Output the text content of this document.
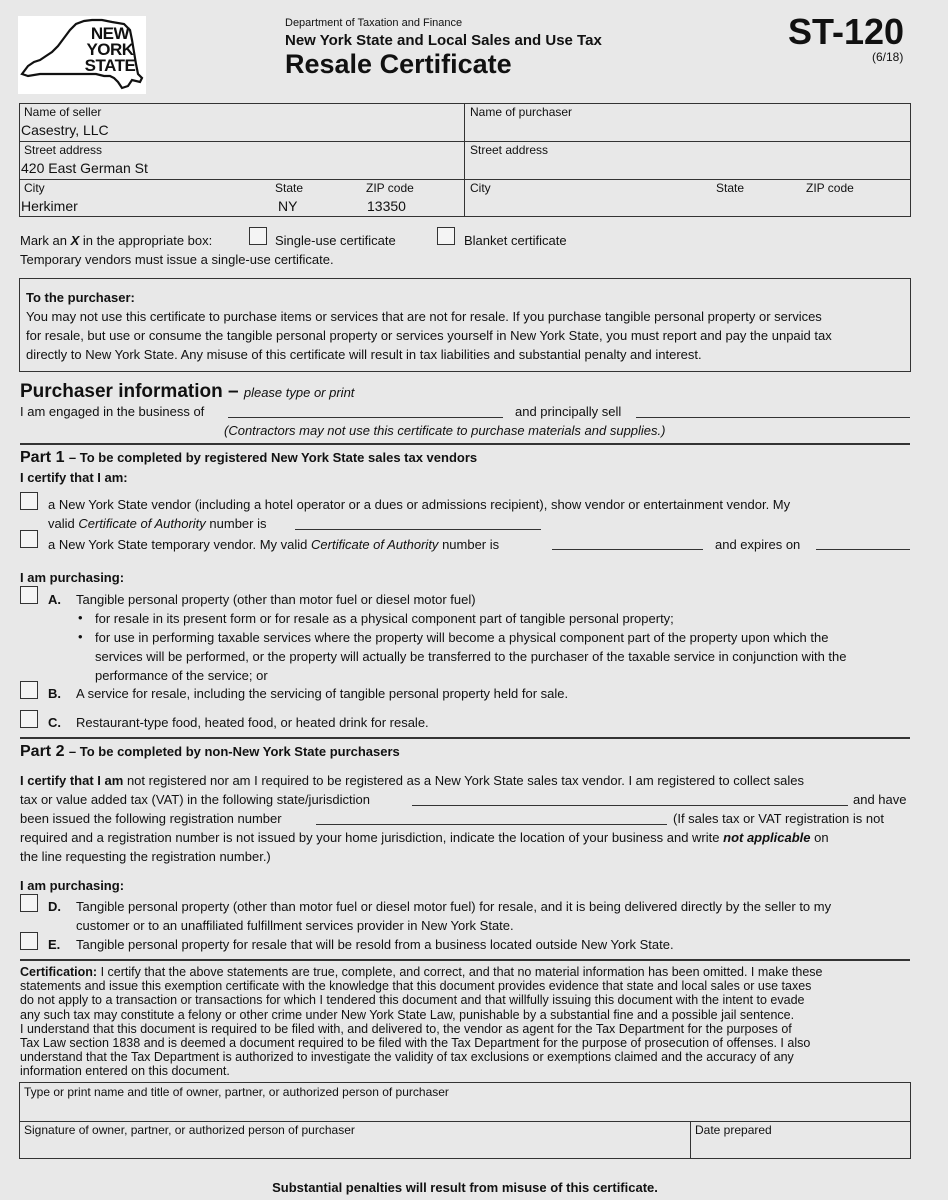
NEW
YORK
STATE
Department of Taxation and Finance
New York State and Local Sales and Use Tax
Resale Certificate
ST-120
(6/18)
Name of seller
Casestry, LLC
Street address
420 East German St
City	State	ZIP code
Herkimer	NY	13350
Name of purchaser
Street address
City	State	ZIP code
Mark an X in the appropriate box:	Single-use certificate	Blanket certificate
Temporary vendors must issue a single-use certificate.
To the purchaser:
You may not use this certificate to purchase items or services that are not for resale. If you purchase tangible personal property or services
for resale, but use or consume the tangible personal property or services yourself in New York State, you must report and pay the unpaid tax
directly to New York State. Any misuse of this certificate will result in tax liabilities and substantial penalty and interest.
Purchaser information – please type or print
I am engaged in the business of	and principally sell
(Contractors may not use this certificate to purchase materials and supplies.)
Part 1 – To be completed by registered New York State sales tax vendors
I certify that I am:
a New York State vendor (including a hotel operator or a dues or admissions recipient), show vendor or entertainment vendor. My
valid Certificate of Authority number is
a New York State temporary vendor. My valid Certificate of Authority number is	and expires on
I am purchasing:
A. Tangible personal property (other than motor fuel or diesel motor fuel)
• for resale in its present form or for resale as a physical component part of tangible personal property;
• for use in performing taxable services where the property will become a physical component part of the property upon which the
services will be performed, or the property will actually be transferred to the purchaser of the taxable service in conjunction with the
performance of the service; or
B. A service for resale, including the servicing of tangible personal property held for sale.
C. Restaurant-type food, heated food, or heated drink for resale.
Part 2 – To be completed by non-New York State purchasers
I certify that I am not registered nor am I required to be registered as a New York State sales tax vendor. I am registered to collect sales
tax or value added tax (VAT) in the following state/jurisdiction	and have
been issued the following registration number	(If sales tax or VAT registration is not
required and a registration number is not issued by your home jurisdiction, indicate the location of your business and write not applicable on
the line requesting the registration number.)
I am purchasing:
D. Tangible personal property (other than motor fuel or diesel motor fuel) for resale, and it is being delivered directly by the seller to my
customer or to an unaffiliated fulfillment services provider in New York State.
E. Tangible personal property for resale that will be resold from a business located outside New York State.
Certification: I certify that the above statements are true, complete, and correct, and that no material information has been omitted. I make these
statements and issue this exemption certificate with the knowledge that this document provides evidence that state and local sales or use taxes
do not apply to a transaction or transactions for which I tendered this document and that willfully issuing this document with the intent to evade
any such tax may constitute a felony or other crime under New York State Law, punishable by a substantial fine and a possible jail sentence.
I understand that this document is required to be filed with, and delivered to, the vendor as agent for the Tax Department for the purposes of
Tax Law section 1838 and is deemed a document required to be filed with the Tax Department for the purpose of prosecution of offenses. I also
understand that the Tax Department is authorized to investigate the validity of tax exclusions or exemptions claimed and the accuracy of any
information entered on this document.
Type or print name and title of owner, partner, or authorized person of purchaser
Signature of owner, partner, or authorized person of purchaser	Date prepared
Substantial penalties will result from misuse of this certificate.
